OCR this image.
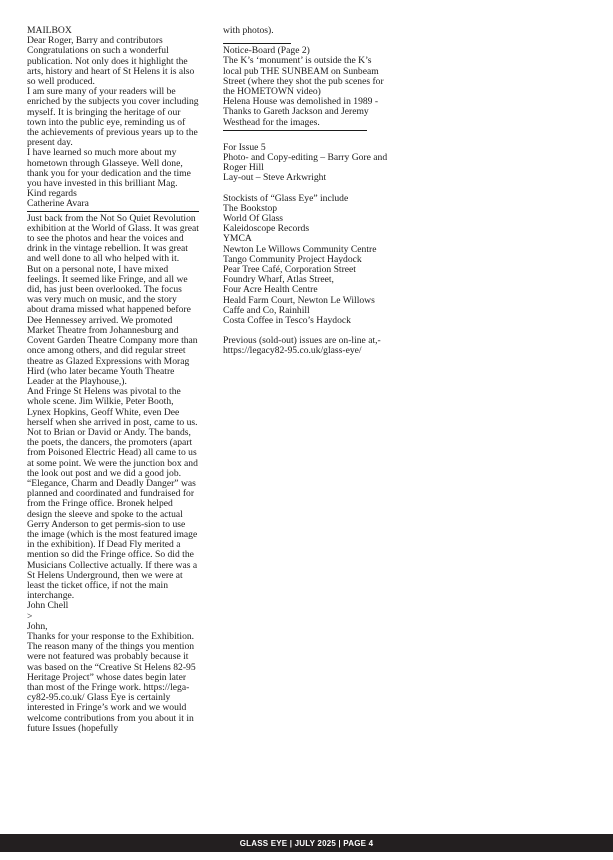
MAILBOX

Dear Roger, Barry and contributors

Congratulations on such a wonderful publication. Not only does it highlight the arts, history and heart of St Helens it is also so well produced.
I am sure many of your readers will be enriched by the subjects you cover including myself. It is bringing the heritage of our town into the public eye, reminding us of the achievements of previous years up to the present day.
I have learned so much more about my hometown through Glasseye. Well done, thank you for your dedication and the time you have invested in this brilliant Mag.

Kind regards

Catherine Avara

Just back from the Not So Quiet Revolution exhibition at the World of Glass. It was great to see the photos and hear the voices and drink in the vintage rebellion. It was great and well done to all who helped with it.
But on a personal note, I have mixed feelings. It seemed like Fringe, and all we did, has just been overlooked. The focus was very much on music, and the story about drama missed what happened before Dee Hennessey arrived. We promoted Market Theatre from Johannesburg and Covent Garden Theatre Company more than once among others, and did regular street theatre as Glazed Expressions with Morag Hird (who later became Youth Theatre Leader at the Playhouse,).
And Fringe St Helens was pivotal to the whole scene. Jim Wilkie, Peter Booth, Lynex Hopkins, Geoff White, even Dee herself when she arrived in post, came to us. Not to Brian or David or Andy. The bands, the poets, the dancers, the promoters (apart from Poisoned Electric Head) all came to us at some point. We were the junction box and the look out post and we did a good job. “Elegance, Charm and Deadly Danger” was planned and coordinated and fundraised for from the Fringe office. Bronek helped design the sleeve and spoke to the actual Gerry Anderson to get permis-sion to use the image (which is the most featured image in the exhibition). If Dead Fly merited a mention so did the Fringe office. So did the Musicians Collective actually. If there was a St Helens Underground, then we were at least the ticket office, if not the main interchange.

John Chell

>

John,

Thanks for your response to the Exhibition. The reason many of the things you mention were not featured was probably because it was based on the “Creative St Helens 82-95 Heritage Project” whose dates begin later than most of the Fringe work. https://lega-cy82-95.co.uk/ Glass Eye is certainly interested in Fringe’s work and we would welcome contributions from you about it in future Issues (hopefully

with photos).

Notice-Board (Page 2)

The K’s ‘monument’ is outside the K’s local pub THE SUNBEAM on Sunbeam Street (where they shot the pub scenes for the HOMETOWN video)
Helena House was demolished in 1989 - Thanks to Gareth Jackson and Jeremy Westhead for the images.

For Issue 5

Photo- and Copy-editing – Barry Gore and Roger Hill

Lay-out – Steve Arkwright

Stockists of “Glass Eye” include

The Bookstop

World Of Glass

Kaleidoscope Records

YMCA

Newton Le Willows Community Centre

Tango Community Project Haydock

Pear Tree Café, Corporation Street

Foundry Wharf, Atlas Street,

Four Acre Health Centre

Heald Farm Court, Newton Le Willows

Caffe and Co, Rainhill

Costa Coffee in Tesco’s Haydock

Previous (sold-out) issues are on-line at,-

https://legacy82-95.co.uk/glass-eye/

GLASS EYE | JULY 2025 | PAGE 4
